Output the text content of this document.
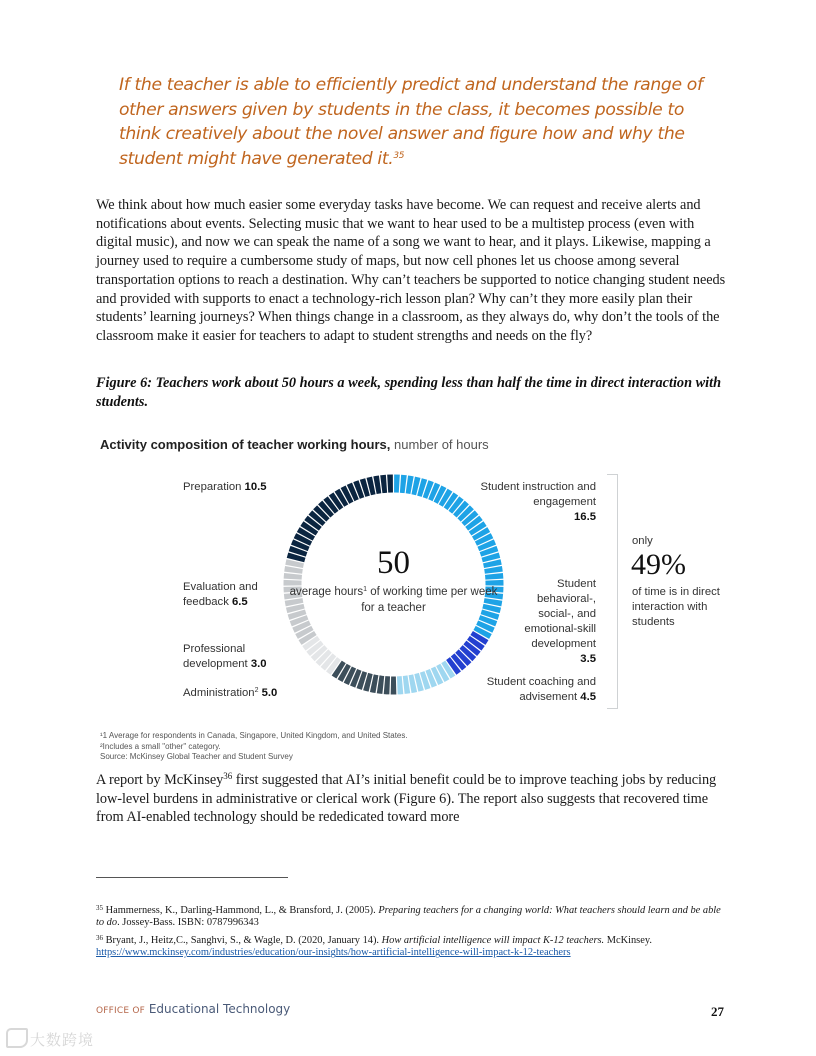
If the teacher is able to efficiently predict and understand the range of other answers given by students in the class, it becomes possible to think creatively about the novel answer and figure how and why the student might have generated it.$^{35}$

We think about how much easier some everyday tasks have become. We can request and receive alerts and notifications about events. Selecting music that we want to hear used to be a multistep process (even with digital music), and now we can speak the name of a song we want to hear, and it plays. Likewise, mapping a journey used to require a cumbersome study of maps, but now cell phones let us choose among several transportation options to reach a destination. Why can’t teachers be supported to notice changing student needs and provided with supports to enact a technology-rich lesson plan? Why can’t they more easily plan their students’ learning journeys? When things change in a classroom, as they always do, why don’t the tools of the classroom make it easier for teachers to adapt to student strengths and needs on the fly?

Figure 6: Teachers work about 50 hours a week, spending less than half the time in direct interaction with students.
Activity composition of teacher working hours, number of hours
50
average hours$^1$ of working time per week for a teacher
Preparation 10.5
Evaluation and feedback 6.5
Professional development 3.0
Administration$^2$ 5.0
Student instruction and engagement
16.5
Student behavioral-, social-, and emotional-skill development
3.5
Student coaching and advisement 4.5
only
49%
of time is in direct interaction with students
¹1 Average for respondents in Canada, Singapore, United Kingdom, and United States.
²Includes a small "other" category.
Source: McKinsey Global Teacher and Student Survey

A report by McKinsey$^{36}$ first suggested that AI’s initial benefit could be to improve teaching jobs by reducing low-level burdens in administrative or clerical work (Figure 6). The report also suggests that recovered time from AI-enabled technology should be rededicated toward more

$^{35}$ Hammerness, K., Darling-Hammond, L., & Bransford, J. (2005). Preparing teachers for a changing world: What teachers should learn and be able to do. Jossey-Bass. ISBN: 0787996343
$^{36}$ Bryant, J., Heitz,C., Sanghvi, S., & Wagle, D. (2020, January 14). How artificial intelligence will impact K-12 teachers. McKinsey. https://www.mckinsey.com/industries/education/our-insights/how-artificial-intelligence-will-impact-k-12-teachers
OFFICE OF Educational Technology	27
大数跨境
